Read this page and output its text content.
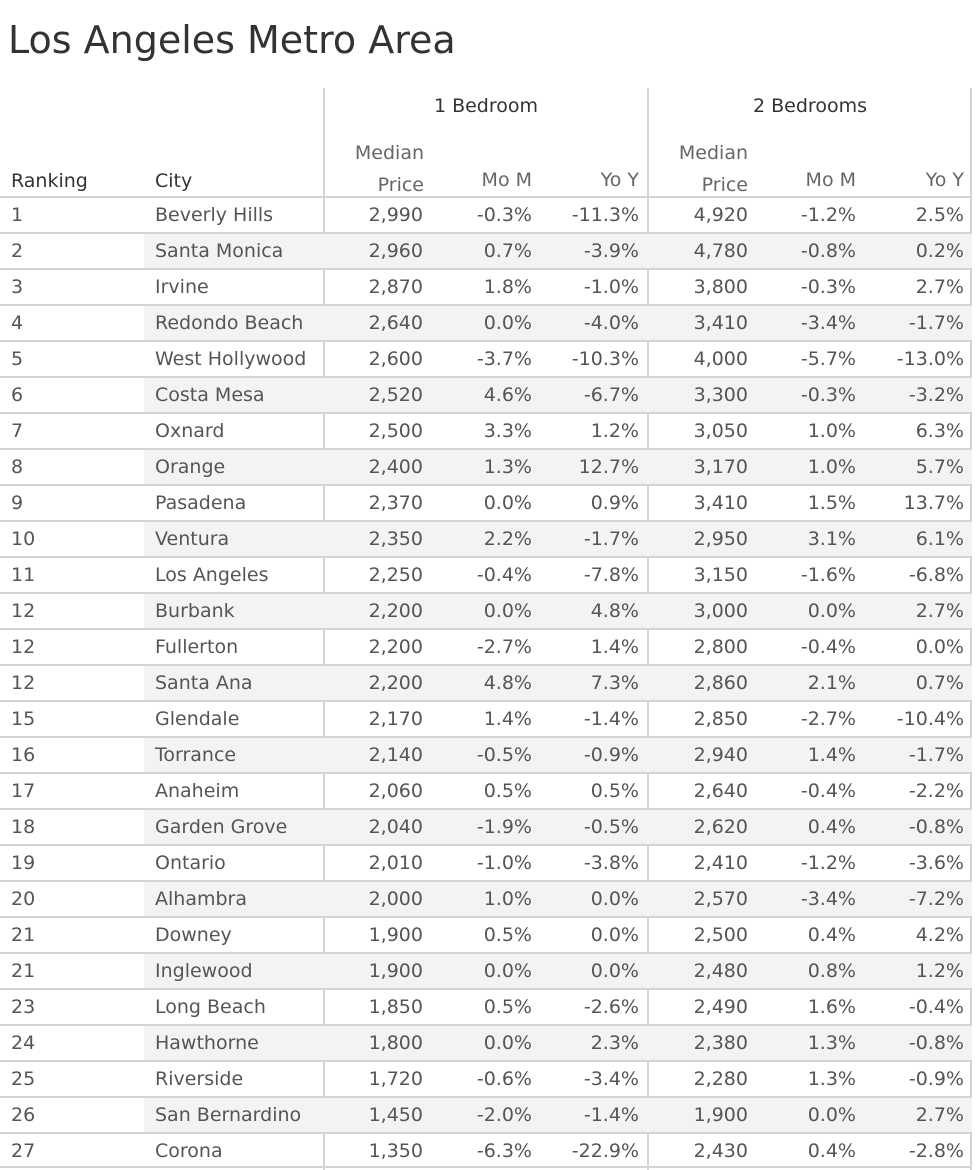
Los Angeles Metro Area
1 Bedroom	2 Bedrooms
Ranking	City
Median
Price	Mo M	Yo Y
Median
Price	Mo M	Yo Y
1	Beverly Hills	2,990	-0.3%	-11.3%	4,920	-1.2%	2.5%
2	Santa Monica	2,960	0.7%	-3.9%	4,780	-0.8%	0.2%
3	Irvine	2,870	1.8%	-1.0%	3,800	-0.3%	2.7%
4	Redondo Beach	2,640	0.0%	-4.0%	3,410	-3.4%	-1.7%
5	West Hollywood	2,600	-3.7%	-10.3%	4,000	-5.7%	-13.0%
6	Costa Mesa	2,520	4.6%	-6.7%	3,300	-0.3%	-3.2%
7	Oxnard	2,500	3.3%	1.2%	3,050	1.0%	6.3%
8	Orange	2,400	1.3%	12.7%	3,170	1.0%	5.7%
9	Pasadena	2,370	0.0%	0.9%	3,410	1.5%	13.7%
10	Ventura	2,350	2.2%	-1.7%	2,950	3.1%	6.1%
11	Los Angeles	2,250	-0.4%	-7.8%	3,150	-1.6%	-6.8%
12	Burbank	2,200	0.0%	4.8%	3,000	0.0%	2.7%
12	Fullerton	2,200	-2.7%	1.4%	2,800	-0.4%	0.0%
12	Santa Ana	2,200	4.8%	7.3%	2,860	2.1%	0.7%
15	Glendale	2,170	1.4%	-1.4%	2,850	-2.7%	-10.4%
16	Torrance	2,140	-0.5%	-0.9%	2,940	1.4%	-1.7%
17	Anaheim	2,060	0.5%	0.5%	2,640	-0.4%	-2.2%
18	Garden Grove	2,040	-1.9%	-0.5%	2,620	0.4%	-0.8%
19	Ontario	2,010	-1.0%	-3.8%	2,410	-1.2%	-3.6%
20	Alhambra	2,000	1.0%	0.0%	2,570	-3.4%	-7.2%
21	Downey	1,900	0.5%	0.0%	2,500	0.4%	4.2%
21	Inglewood	1,900	0.0%	0.0%	2,480	0.8%	1.2%
23	Long Beach	1,850	0.5%	-2.6%	2,490	1.6%	-0.4%
24	Hawthorne	1,800	0.0%	2.3%	2,380	1.3%	-0.8%
25	Riverside	1,720	-0.6%	-3.4%	2,280	1.3%	-0.9%
26	San Bernardino	1,450	-2.0%	-1.4%	1,900	0.0%	2.7%
27	Corona	1,350	-6.3%	-22.9%	2,430	0.4%	-2.8%
